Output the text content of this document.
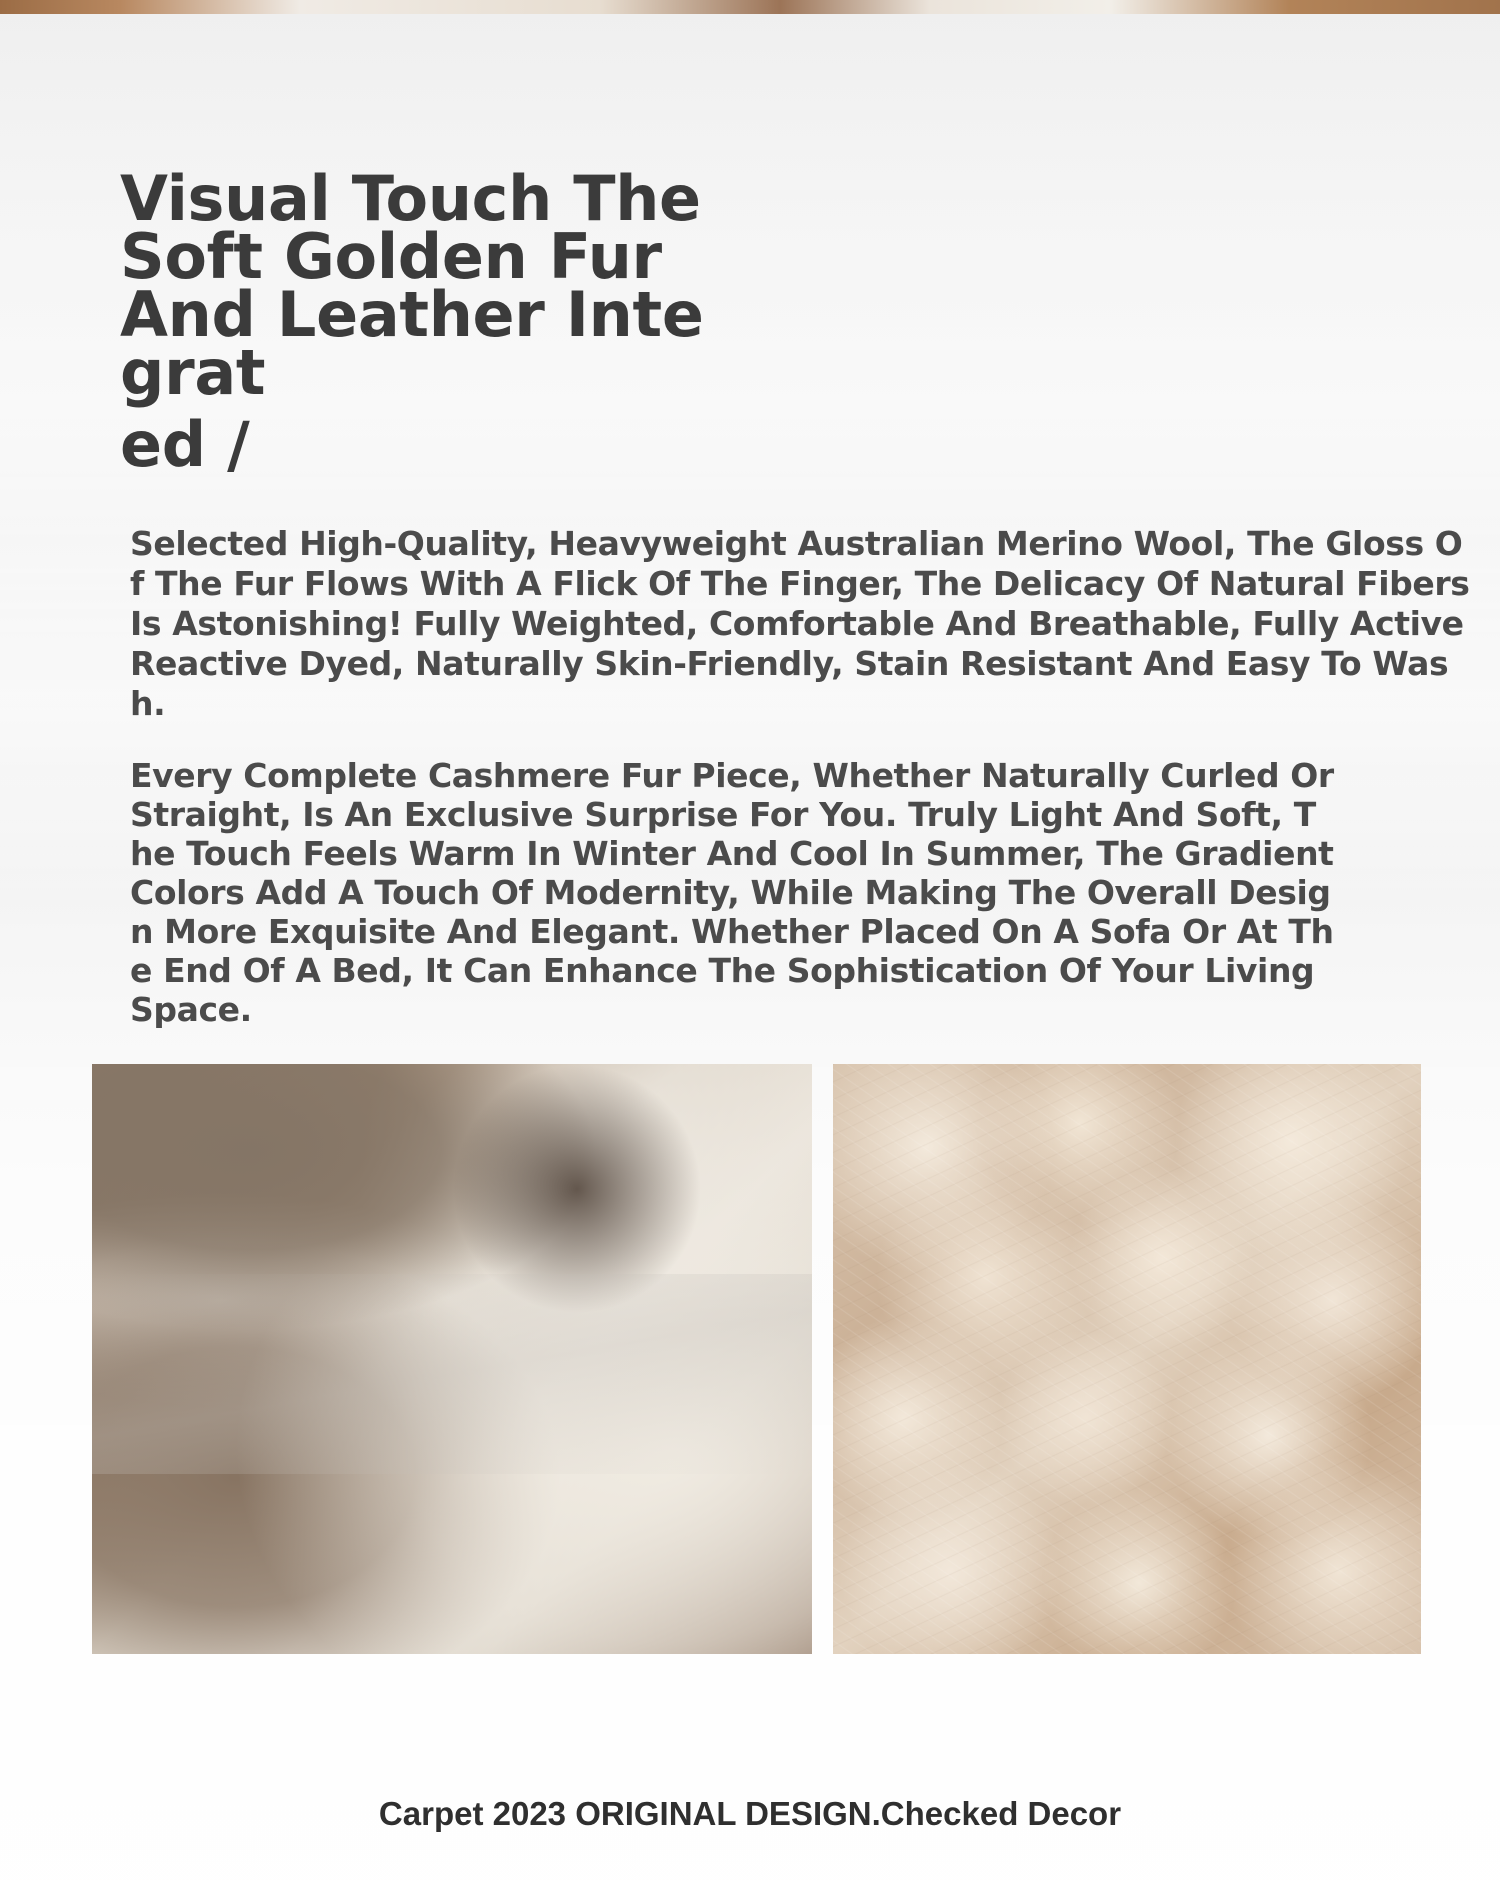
Visual Touch The Soft Golden Fur And Leather Integrat
ed /

Selected High-Quality, Heavyweight Australian Merino Wool, The Gloss Of The Fur Flows With A Flick Of The Finger, The Delicacy Of Natural Fibers Is Astonishing! Fully Weighted, Comfortable And Breathable, Fully Active Reactive Dyed, Naturally Skin-Friendly, Stain Resistant And Easy To Wash.

Every Complete Cashmere Fur Piece, Whether Naturally Curled Or Straight, Is An Exclusive Surprise For You. Truly Light And Soft, The Touch Feels Warm In Winter And Cool In Summer, The Gradient Colors Add A Touch Of Modernity, While Making The Overall Design More Exquisite And Elegant. Whether Placed On A Sofa Or At The End Of A Bed, It Can Enhance The Sophistication Of Your Living Space.

Carpet 2023 ORIGINAL DESIGN.Checked Decor
